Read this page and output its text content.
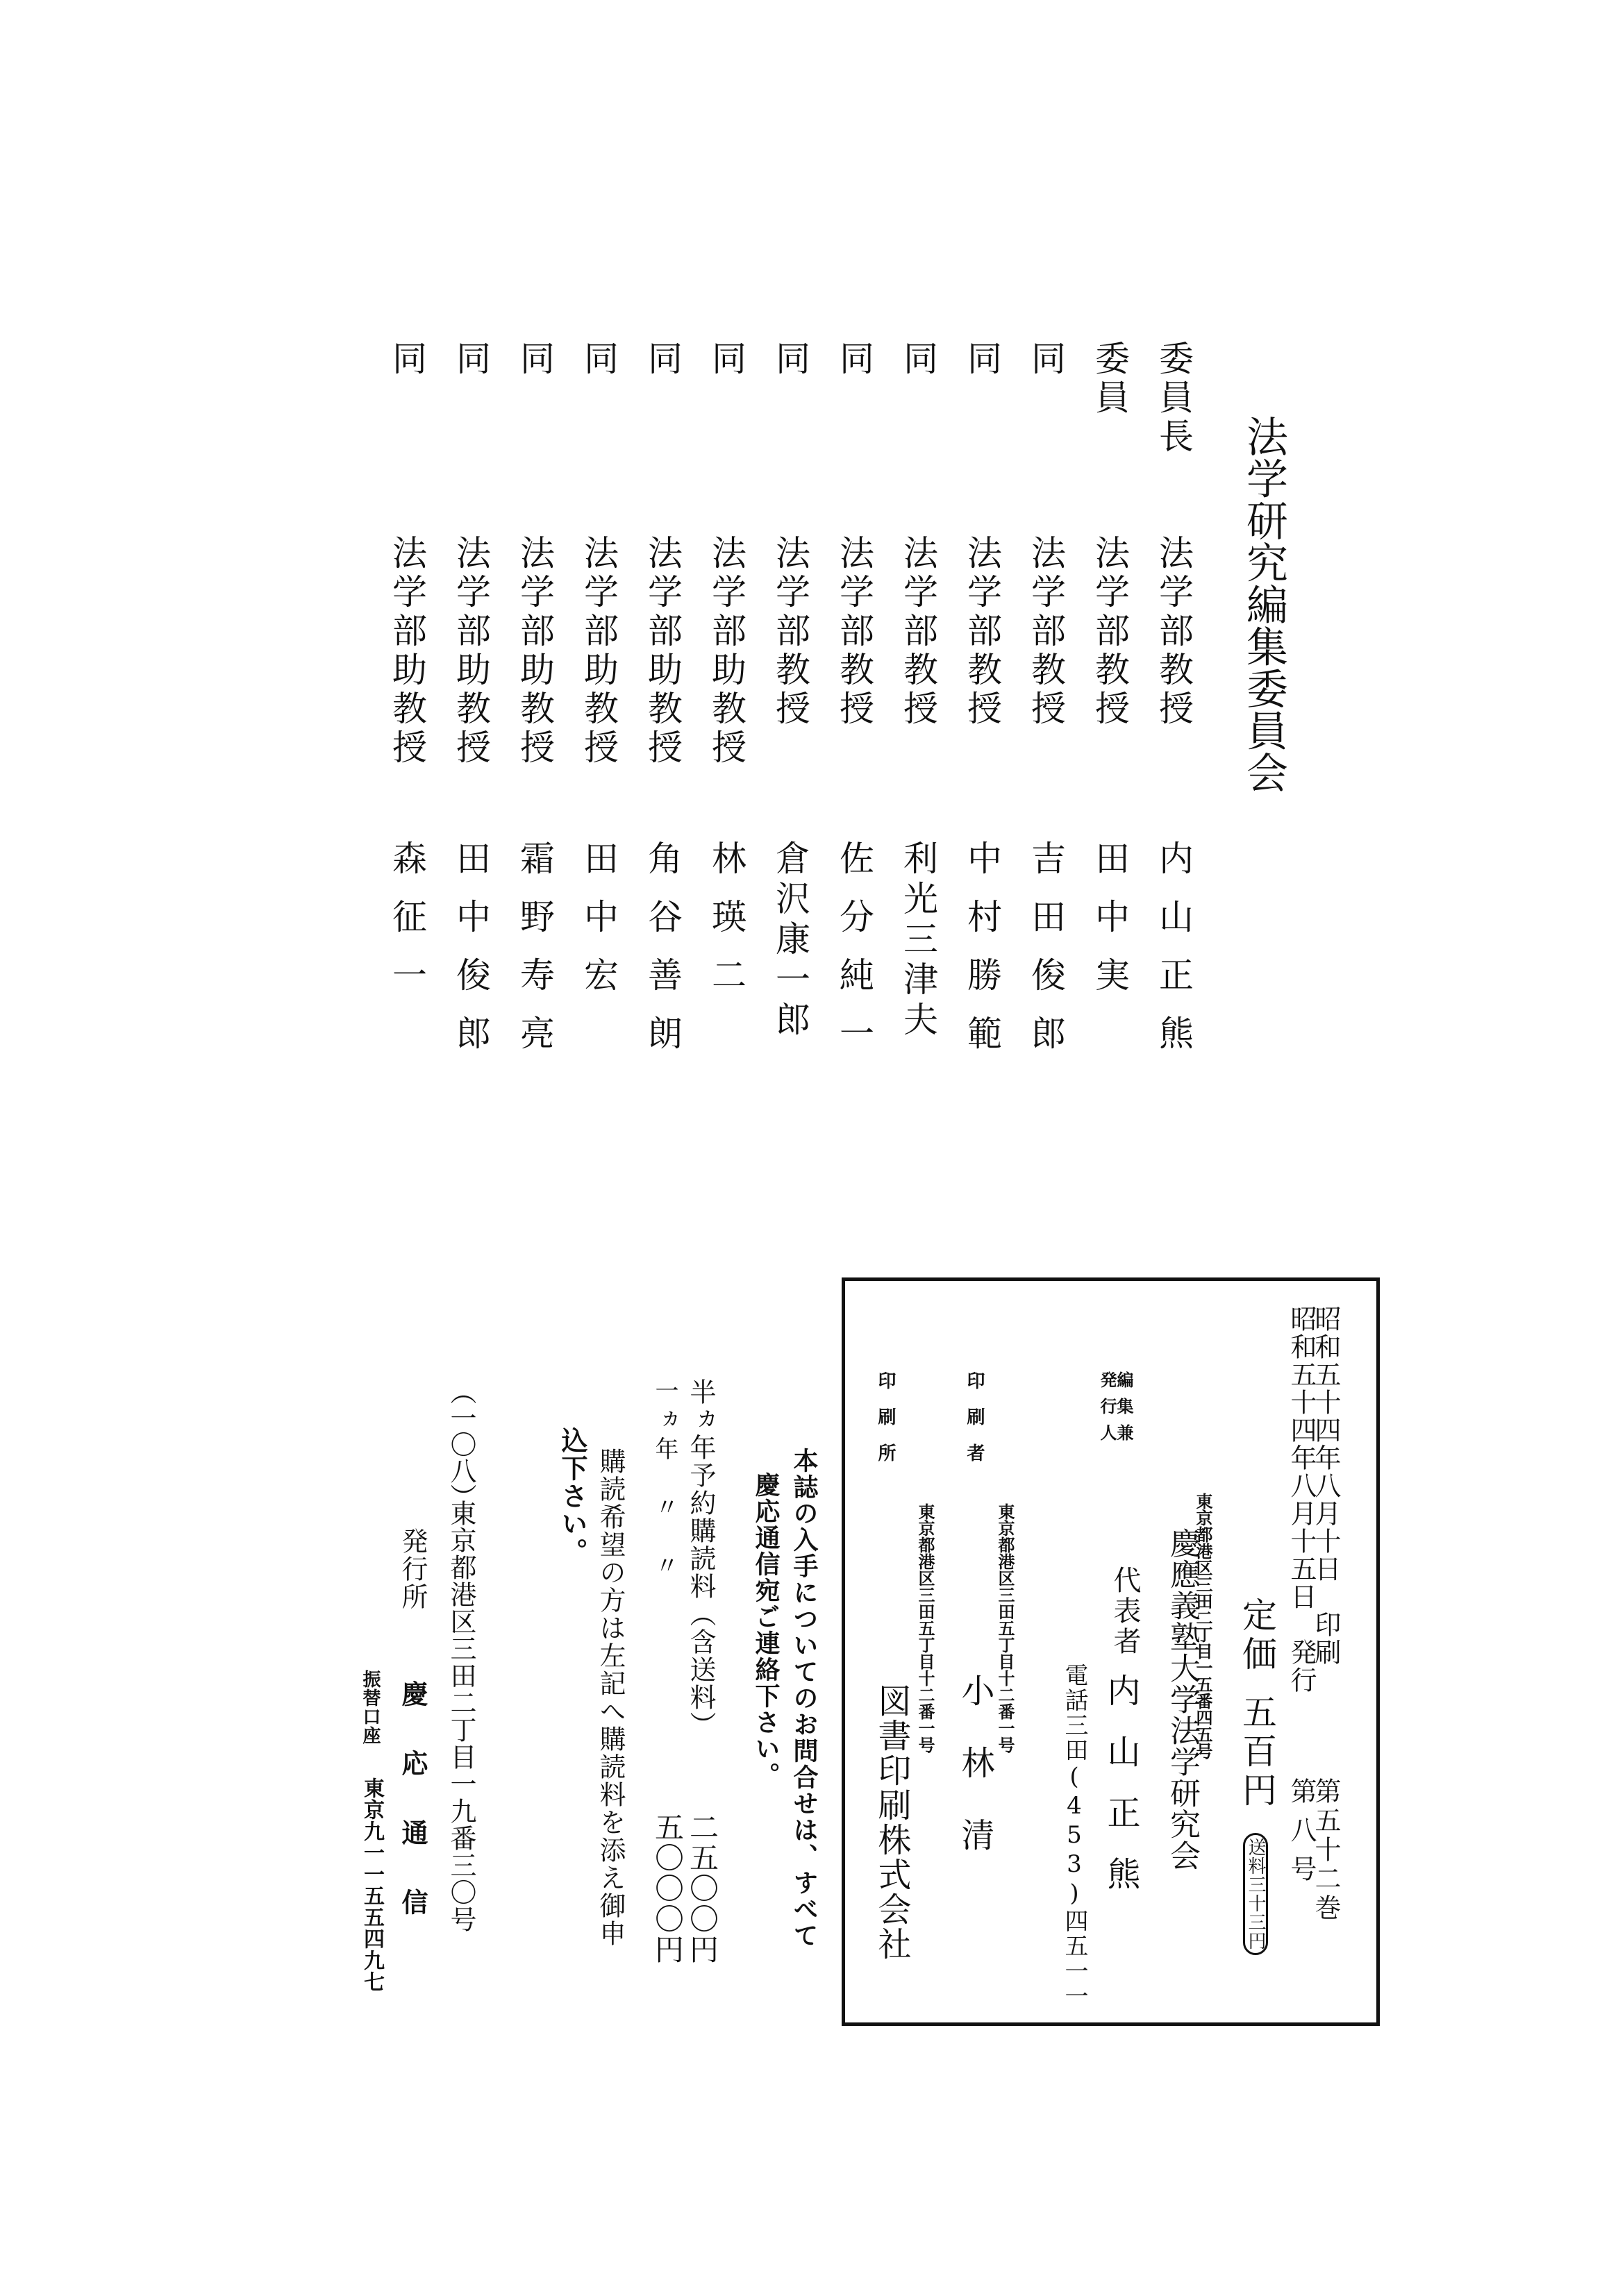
法学研究編集委員会
委員長
法学部教授
内山正熊
委員
法学部教授
田中実
同
法学部教授
吉田俊郎
同
法学部教授
中村勝範
同
法学部教授
利光三津夫
同
法学部教授
佐分純一
同
法学部教授
倉沢康一郎
同
法学部助教授
林瑛二
同
法学部助教授
角谷善朗
同
法学部助教授
田中宏
同
法学部助教授
霜野寿亮
同
法学部助教授
田中俊郎
同
法学部助教授
森征一
昭和五十四年八月十日　印刷
昭和五十四年八月十五日　発行
第五十二巻
第八号
定価
五百円
送料三十三円
東京都港区三田二丁目一五番四五号
慶應義塾大学法学研究会
編集兼発行人
代表者
内山正熊
電話三田(453)四五一一
印刷者
東京都港区三田五丁目十二番一号
小林清
印刷所
東京都港区三田五丁目十二番一号
図書印刷株式会社
本誌の入手についてのお問合せは、すべて
慶応通信宛ご連絡下さい。
半ヵ年予約購読料（含送料）
二五〇〇円
一ヵ年　〃　〃
五〇〇〇円
購読希望の方は左記へ購読料を添え御申
込下さい。
（一〇八）
東京都港区三田二丁目一九番三〇号
発行所
慶　応　通　信
振替口座
東京九一一五五四九七
